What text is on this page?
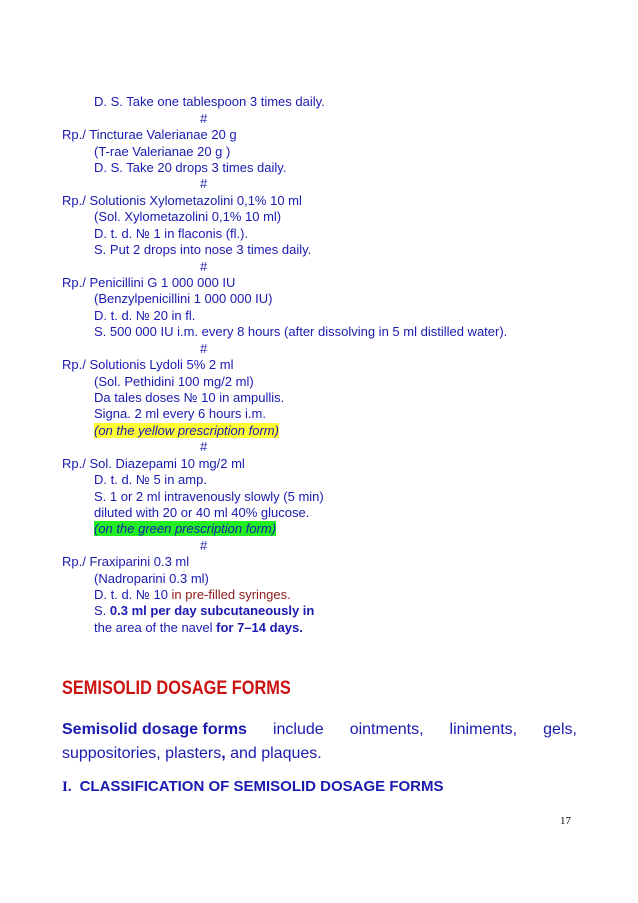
D. S. Take one tablespoon 3 times daily.
#
Rp./ Tincturae Valerianae 20 g
(T-rae Valerianae 20 g )
D. S. Take 20 drops 3 times daily.
#
Rp./ Solutionis Xylometazolini 0,1% 10 ml
(Sol. Xylometazolini 0,1% 10 ml)
D. t. d. № 1 in flaconis (fl.).
S. Put 2 drops into nose 3 times daily.
#
Rp./ Penicillini G 1 000 000 IU
(Benzylpenicillini 1 000 000 IU)
D. t. d. № 20 in fl.
S. 500 000 IU i.m. every 8 hours (after dissolving in 5 ml distilled water).
#
Rp./ Solutionis Lydoli 5% 2 ml
(Sol. Pethidini 100 mg/2 ml)
Da tales doses № 10 in ampullis.
Signa. 2 ml every 6 hours i.m.
(on the yellow prescription form)
#
Rp./ Sol. Diazepami 10 mg/2 ml
D. t. d. № 5 in amp.
S. 1 or 2 ml intravenously slowly (5 min)
diluted with 20 or 40 ml 40% glucose.
(on the green prescription form)
#
Rp./ Fraxiparini 0.3 ml
(Nadroparini 0.3 ml)
D. t. d. № 10 in pre-filled syringes.
S. 0.3 ml per day subcutaneously in
the area of the navel for 7–14 days.
SEMISOLID DOSAGE FORMS
Semisolid dosage forms include ointments, liniments, gels,
suppositories, plasters, and plaques.
I. CLASSIFICATION OF SEMISOLID DOSAGE FORMS
17
